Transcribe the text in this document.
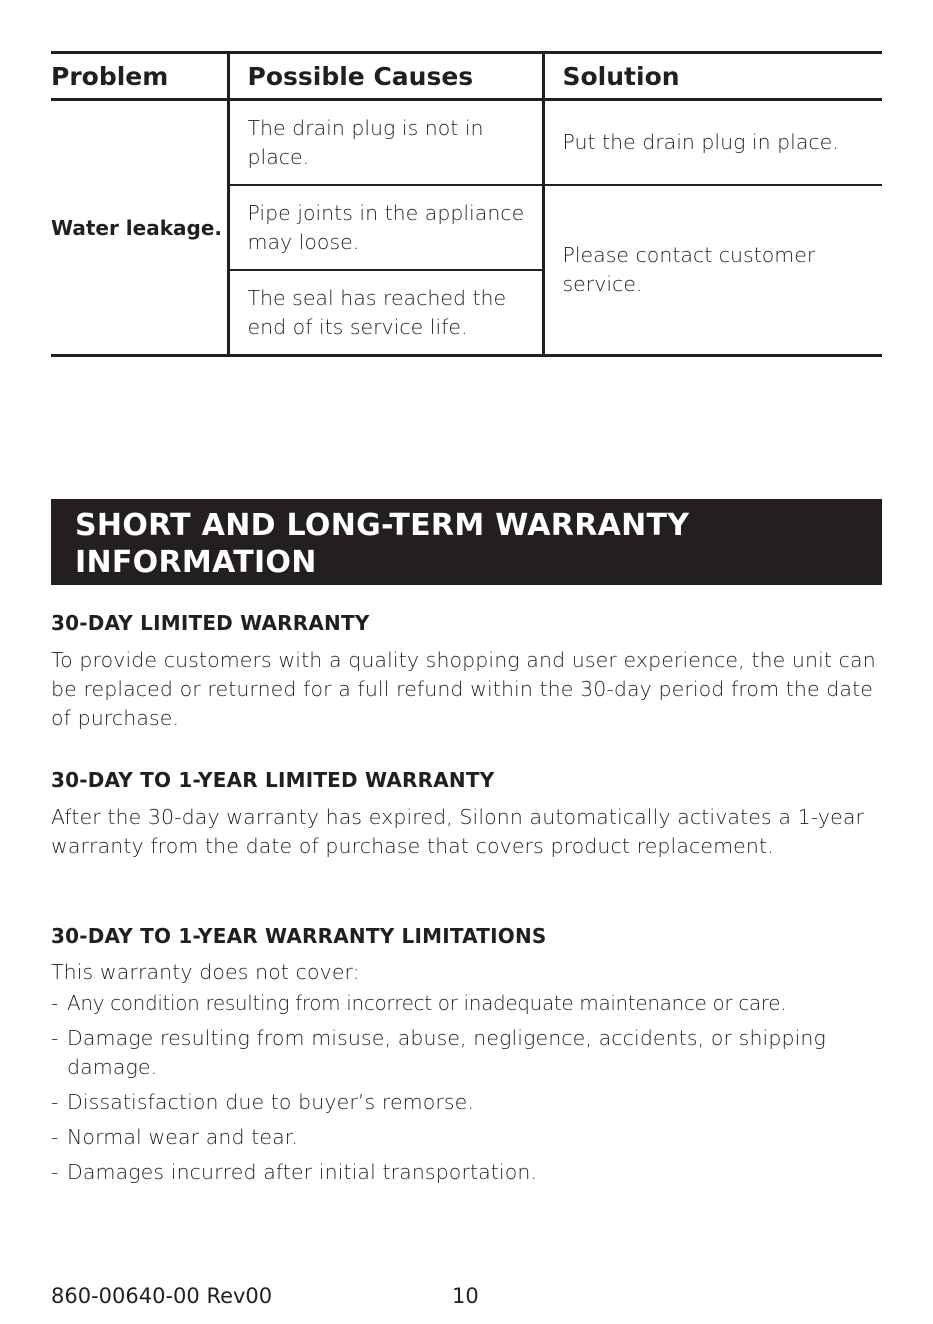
Problem	Possible Causes	Solution
Water leakage.	The drain plug is not in place.	Put the drain plug in place.
	Pipe joints in the appliance may loose.	Please contact customer service.
	The seal has reached the end of its service life.	
SHORT AND LONG-TERM WARRANTY INFORMATION
30-DAY LIMITED WARRANTY

To provide customers with a quality shopping and user experience, the unit can be replaced or returned for a full refund within the 30-day period from the date of purchase.

30-DAY TO 1-YEAR LIMITED WARRANTY

After the 30-day warranty has expired, Silonn automatically activates a 1-year warranty from the date of purchase that covers product replacement.

30-DAY TO 1-YEAR WARRANTY LIMITATIONS

This warranty does not cover:

- Any condition resulting from incorrect or inadequate maintenance or care.
- Damage resulting from misuse, abuse, negligence, accidents, or shipping damage.
- Dissatisfaction due to buyer’s remorse.
- Normal wear and tear.
- Damages incurred after initial transportation.
860-00640-00 Rev00	10
